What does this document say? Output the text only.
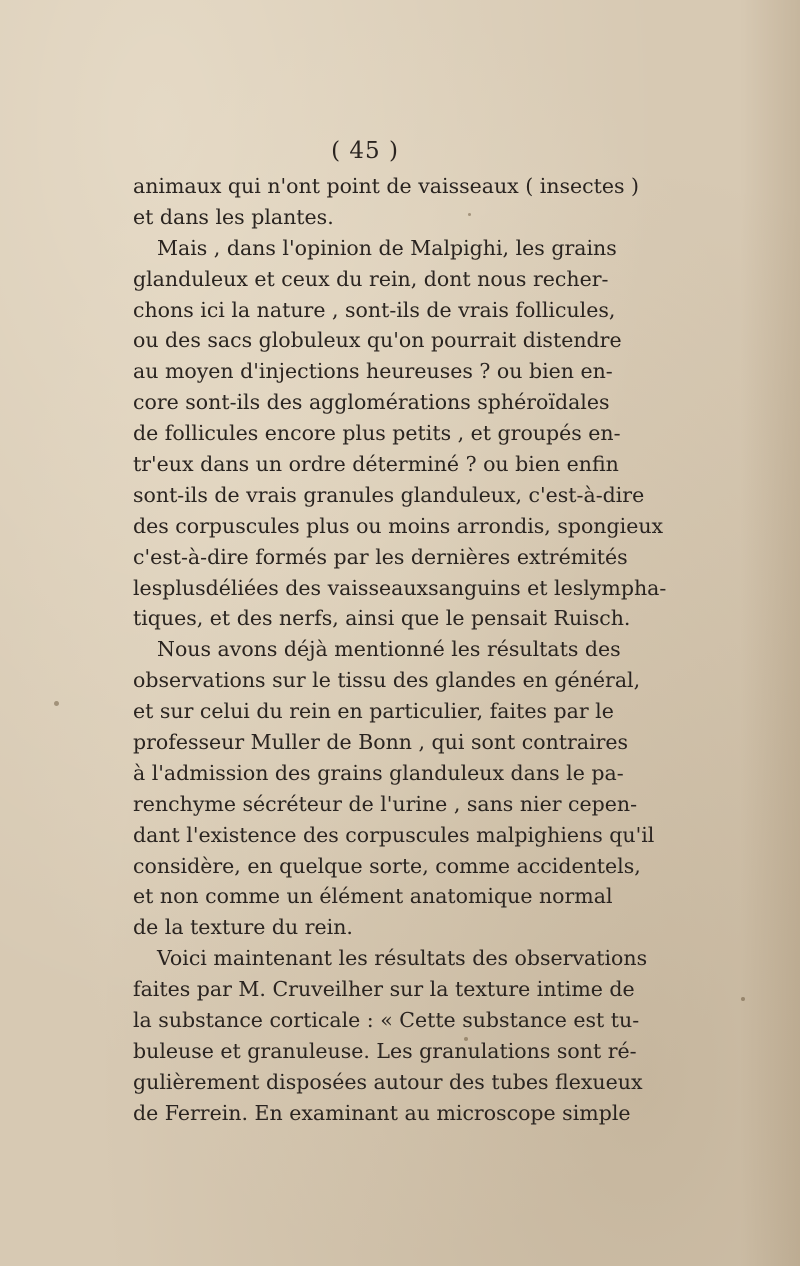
( 45 )
animaux qui n'ont point de vaisseaux ( insectes )
et dans les plantes.
Mais , dans l'opinion de Malpighi, les grains
glanduleux et ceux du rein, dont nous recher-
chons ici la nature , sont-ils de vrais follicules,
ou des sacs globuleux qu'on pourrait distendre
au moyen d'injections heureuses ? ou bien en-
core sont-ils des agglomérations sphéroïdales
de follicules encore plus petits , et groupés en-
tr'eux dans un ordre déterminé ? ou bien enfin
sont-ils de vrais granules glanduleux, c'est-à-dire
des corpuscules plus ou moins arrondis, spongieux
c'est-à-dire formés par les dernières extrémités
lesplusdéliées des vaisseauxsanguins et leslympha-
tiques, et des nerfs, ainsi que le pensait Ruisch.
Nous avons déjà mentionné les résultats des
observations sur le tissu des glandes en général,
et sur celui du rein en particulier, faites par le
professeur Muller de Bonn , qui sont contraires
à l'admission des grains glanduleux dans le pa-
renchyme sécréteur de l'urine , sans nier cepen-
dant l'existence des corpuscules malpighiens qu'il
considère, en quelque sorte, comme accidentels,
et non comme un élément anatomique normal
de la texture du rein.
Voici maintenant les résultats des observations
faites par M. Cruveilher sur la texture intime de
la substance corticale : « Cette substance est tu-
buleuse et granuleuse. Les granulations sont ré-
gulièrement disposées autour des tubes flexueux
de Ferrein. En examinant au microscope simple
